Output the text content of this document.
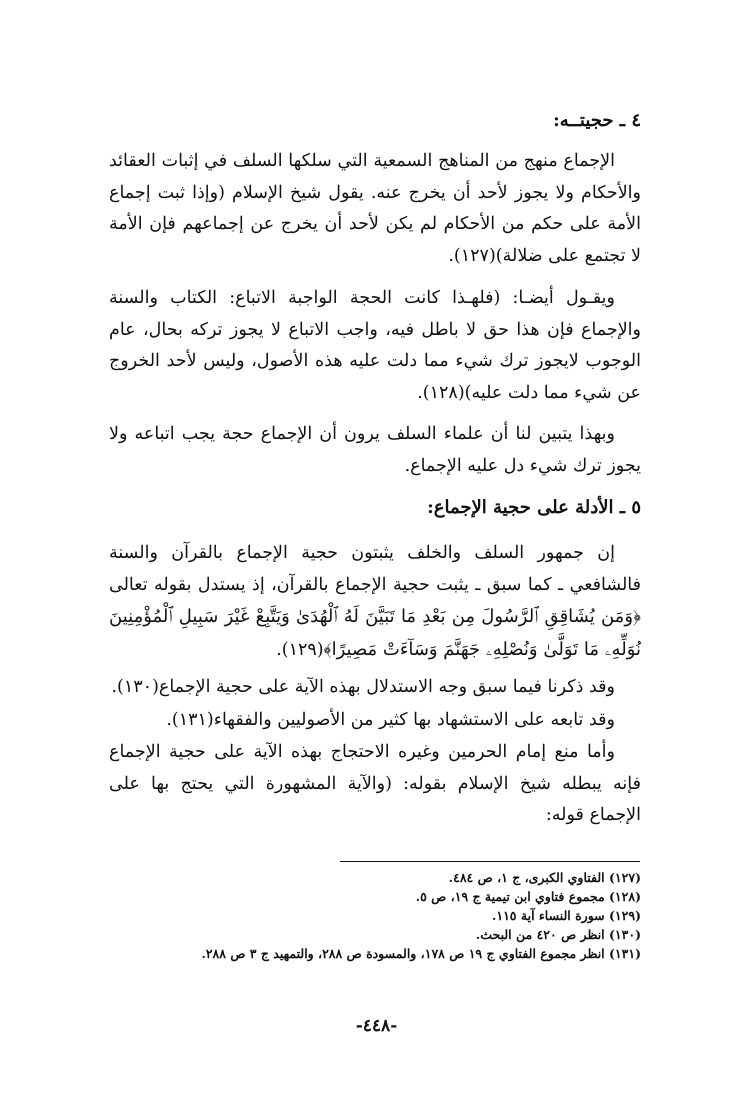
٤ ـ حجيتــه:

الإجماع منهج من المناهج السمعية التي سلكها السلف في إثبات العقائد والأحكام ولا يجوز لأحد أن يخرج عنه. يقول شيخ الإسلام (وإذا ثبت إجماع الأمة على حكم من الأحكام لم يكن لأحد أن يخرج عن إجماعهم فإن الأمة لا تجتمع على ضلالة)(١٢٧).

ويقـول أيضـا: (فلهـذا كانت الحجة الواجبة الاتباع: الكتاب والسنة والإجماع فإن هذا حق لا باطل فيه، واجب الاتباع لا يجوز تركه بحال، عام الوجوب لايجوز ترك شيء مما دلت عليه هذه الأصول، وليس لأحد الخروج عن شيء مما دلت عليه)(١٢٨).

وبهذا يتبين لنا أن علماء السلف يرون أن الإجماع حجة يجب اتباعه ولا يجوز ترك شيء دل عليه الإجماع.

٥ ـ الأدلة على حجية الإجماع:

إن جمهور السلف والخلف يثبتون حجية الإجماع بالقرآن والسنة فالشافعي ـ كما سبق ـ يثبت حجية الإجماع بالقرآن، إذ يستدل بقوله تعالى ﴿وَمَن يُشَاقِقِ ٱلرَّسُولَ مِن بَعْدِ مَا تَبَيَّنَ لَهُ ٱلْهُدَىٰ وَيَتَّبِعْ غَيْرَ سَبِيلِ ٱلْمُؤْمِنِينَ نُوَلِّهِۦ مَا تَوَلَّىٰ وَنُصْلِهِۦ جَهَنَّمَ وَسَآءَتْ مَصِيرًا﴾(١٢٩).

وقد ذكرنا فيما سبق وجه الاستدلال بهذه الآية على حجية الإجماع(١٣٠).

وقد تابعه على الاستشهاد بها كثير من الأصوليين والفقهاء(١٣١).

وأما منع إمام الحرمين وغيره الاحتجاج بهذه الآية على حجية الإجماع فإنه يبطله شيخ الإسلام بقوله: (والآية المشهورة التي يحتج بها على الإجماع قوله:

(١٢٧) الفتاوي الكبرى، ج ١، ص ٤٨٤.

(١٢٨) مجموع فتاوي ابن تيمية ج ١٩، ص ٥.

(١٢٩) سورة النساء آية ١١٥.

(١٣٠) انظر ص ٤٢٠ من البحث.

(١٣١) انظر مجموع الفتاوي ج ١٩ ص ١٧٨، والمسودة ص ٢٨٨، والتمهيد ج ٣ ص ٢٨٨.

-٤٤٨-
